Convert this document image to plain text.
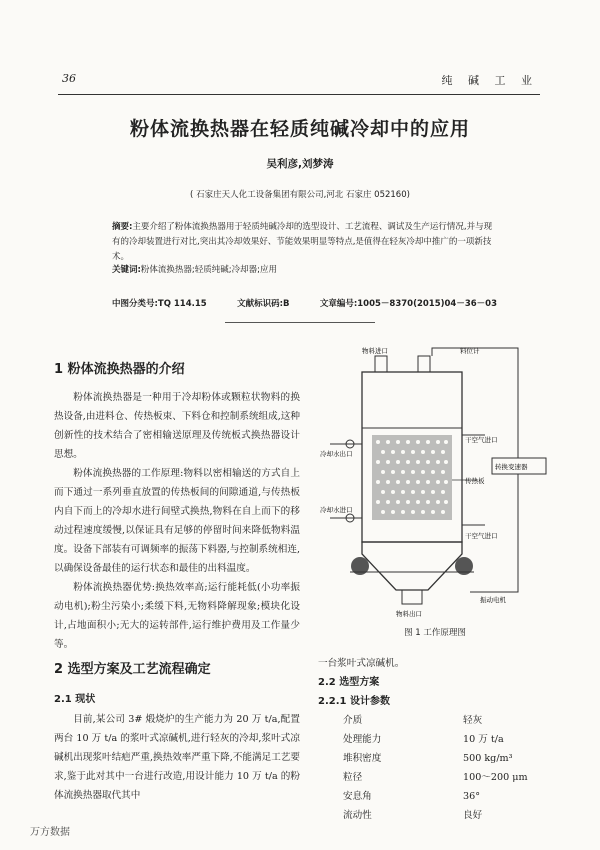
36	纯 碱 工 业
粉体流换热器在轻质纯碱冷却中的应用
吴利彦,刘梦涛
( 石家庄天人化工设备集团有限公司,河北 石家庄 052160)
摘要:主要介绍了粉体流换热器用于轻质纯碱冷却的选型设计、工艺流程、调试及生产运行情况,并与现有的冷却装置进行对比,突出其冷却效果好、节能效果明显等特点,是值得在轻灰冷却中推广的一项新技术。
关键词:粉体流换热器;轻质纯碱;冷却器;应用
中图分类号:TQ 114.15	文献标识码:B	文章编号:1005－8370(2015)04－36－03
1 粉体流换热器的介绍

粉体流换热器是一种用于冷却粉体或颗粒状物料的换热设备,由进料仓、传热板束、下料仓和控制系统组成,这种创新性的技术结合了密相输送原理及传统板式换热器设计思想。

粉体流换热器的工作原理:物料以密相输送的方式自上而下通过一系列垂直放置的传热板间的间隙通道,与传热板内自下而上的冷却水进行间壁式换热,物料在自上而下的移动过程速度缓慢,以保证具有足够的停留时间来降低物料温度。设备下部装有可调频率的振荡下料器,与控制系统相连,以确保设备最佳的运行状态和最佳的出料温度。

粉体流换热器优势:换热效率高;运行能耗低(小功率振动电机);粉尘污染小;柔缓下料,无物料降解现象;模块化设计,占地面积小;无大的运转部件,运行维护费用及工作量少等。

2 选型方案及工艺流程确定
2.1 现状

目前,某公司 3# 煅烧炉的生产能力为 20 万 t/a,配置两台 10 万 t/a 的浆叶式凉碱机,进行轻灰的冷却,浆叶式凉碱机出现浆叶结疤严重,换热效率严重下降,不能满足工艺要求,鉴于此对其中一台进行改造,用设计能力 10 万 t/a 的粉体流换热器取代其中

物料进口	料位计
干空气进口
冷却水出口
转换变速器
传热板
冷却水进口
干空气进口
振动电机
物料出口
图 1 工作原理图
一台浆叶式凉碱机。
2.2 选型方案
2.2.1 设计参数
介质	轻灰
处理能力	10 万 t/a
堆积密度	500 kg/m³
粒径	100～200 μm
安息角	36°
流动性	良好
万方数据
